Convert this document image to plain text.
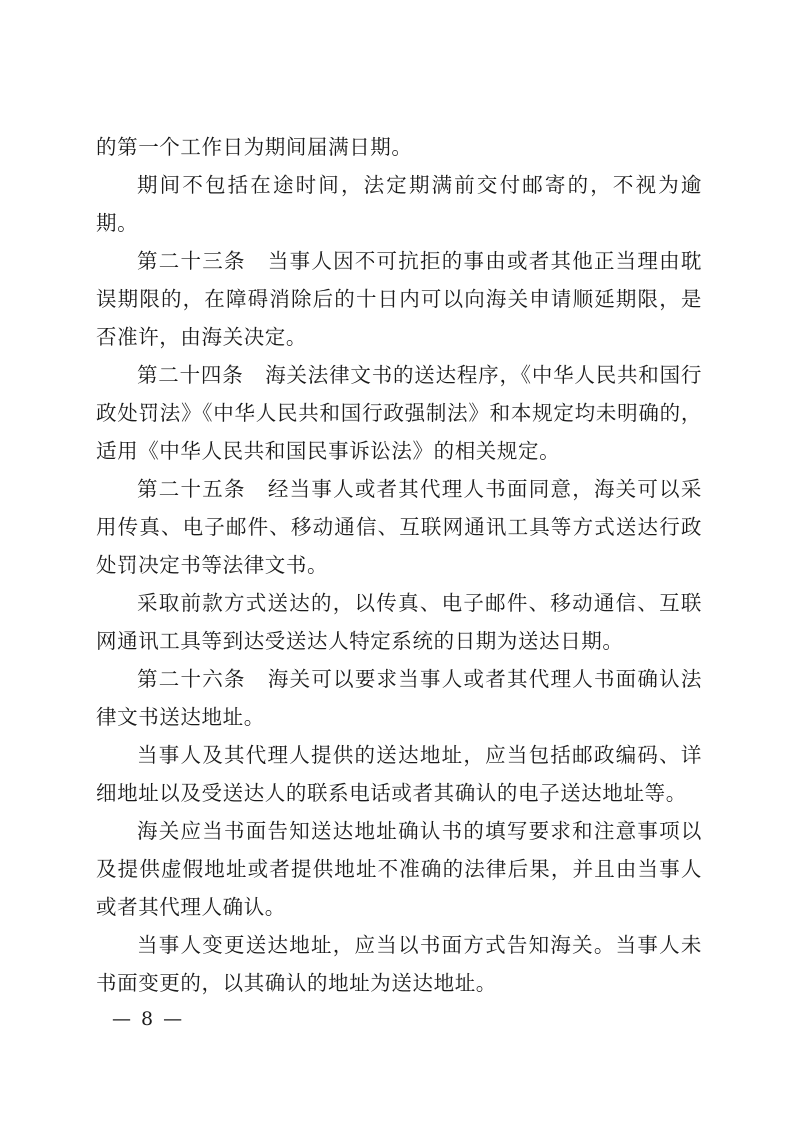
的第一个工作日为期间届满日期。

期间不包括在途时间，法定期满前交付邮寄的，不视为逾期。

第二十三条 当事人因不可抗拒的事由或者其他正当理由耽误期限的，在障碍消除后的十日内可以向海关申请顺延期限，是否准许，由海关决定。

第二十四条 海关法律文书的送达程序，《中华人民共和国行政处罚法》《中华人民共和国行政强制法》和本规定均未明确的，适用《中华人民共和国民事诉讼法》的相关规定。

第二十五条 经当事人或者其代理人书面同意，海关可以采用传真、电子邮件、移动通信、互联网通讯工具等方式送达行政处罚决定书等法律文书。

采取前款方式送达的，以传真、电子邮件、移动通信、互联网通讯工具等到达受送达人特定系统的日期为送达日期。

第二十六条 海关可以要求当事人或者其代理人书面确认法律文书送达地址。

当事人及其代理人提供的送达地址，应当包括邮政编码、详细地址以及受送达人的联系电话或者其确认的电子送达地址等。

海关应当书面告知送达地址确认书的填写要求和注意事项以及提供虚假地址或者提供地址不准确的法律后果，并且由当事人或者其代理人确认。

当事人变更送达地址，应当以书面方式告知海关。当事人未书面变更的，以其确认的地址为送达地址。

— 8 —
